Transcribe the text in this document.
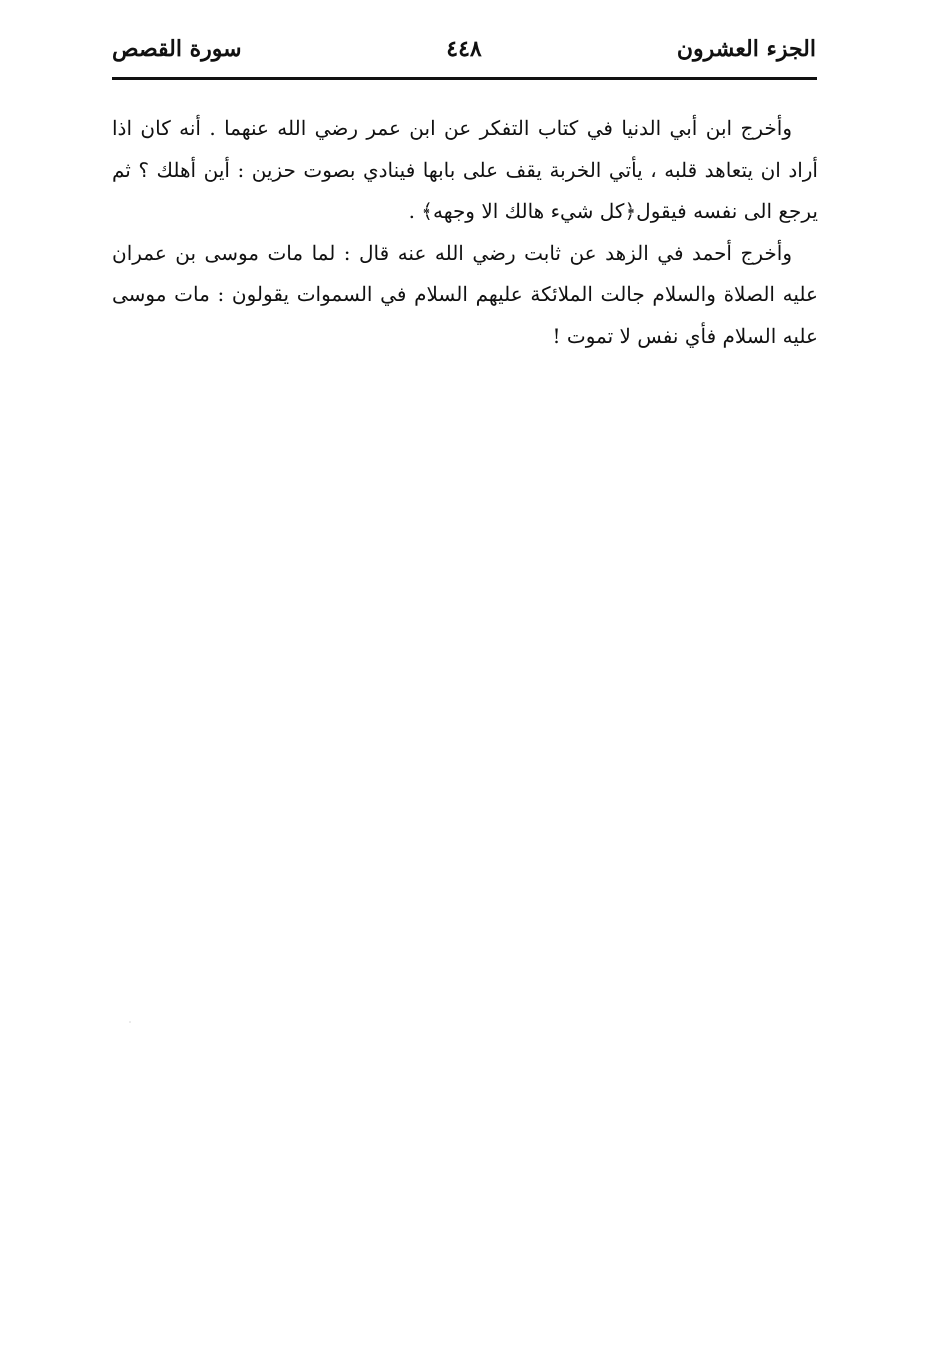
الجزء العشرون
٤٤٨
سورة القصص

وأخرج ابن أبي الدنيا في كتاب التفكر عن ابن عمر رضي الله عنهما . أنه كان اذا أراد ان يتعاهد قلبه ، يأتي الخربة يقف على بابها فينادي بصوت حزين : أين أهلك ؟ ثم يرجع الى نفسه فيقول﴿كل شيء هالك الا وجهه﴾ .

وأخرج أحمد في الزهد عن ثابت رضي الله عنه قال : لما مات موسى بن عمران عليه الصلاة والسلام جالت الملائكة عليهم السلام في السموات يقولون : مات موسى عليه السلام فأي نفس لا تموت !

˙
